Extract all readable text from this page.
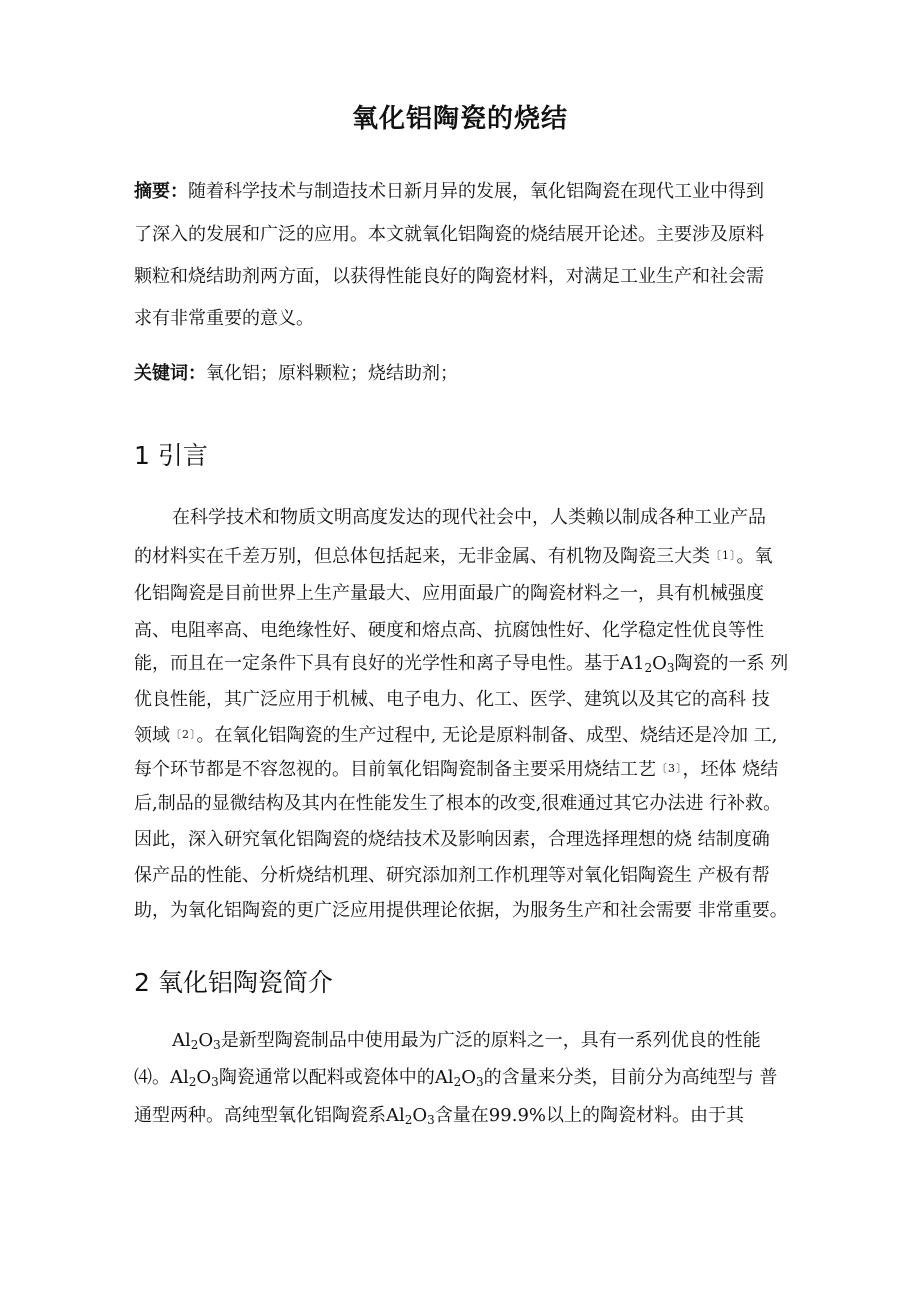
氧化铝陶瓷的烧结
摘要：随着科学技术与制造技术日新月异的发展，氧化铝陶瓷在现代工业中得到
了深入的发展和广泛的应用。本文就氧化铝陶瓷的烧结展开论述。主要涉及原料
颗粒和烧结助剂两方面，以获得性能良好的陶瓷材料，对满足工业生产和社会需
求有非常重要的意义。
关键词：氧化铝；原料颗粒；烧结助剂；
1 引言
在科学技术和物质文明高度发达的现代社会中，人类赖以制成各种工业产品
的材料实在千差万别，但总体包括起来，无非金属、有机物及陶瓷三大类〔1〕。氧
化铝陶瓷是目前世界上生产量最大、应用面最广的陶瓷材料之一，具有机械强度
高、电阻率高、电绝缘性好、硬度和熔点高、抗腐蚀性好、化学稳定性优良等性
能，而且在一定条件下具有良好的光学性和离子导电性。基于$A1_2O_3$陶瓷的一系 列
优良性能，其广泛应用于机械、电子电力、化工、医学、建筑以及其它的高科 技
领域〔2〕。在氧化铝陶瓷的生产过程中, 无论是原料制备、成型、烧结还是冷加 工,
每个环节都是不容忽视的。目前氧化铝陶瓷制备主要采用烧结工艺〔3〕，坯体 烧结
后,制品的显微结构及其内在性能发生了根本的改变,很难通过其它办法进 行补救。
因此，深入研究氧化铝陶瓷的烧结技术及影响因素，合理选择理想的烧 结制度确
保产品的性能、分析烧结机理、研究添加剂工作机理等对氧化铝陶瓷生 产极有帮
助，为氧化铝陶瓷的更广泛应用提供理论依据，为服务生产和社会需要 非常重要。
2 氧化铝陶瓷简介
$Al_2O_3$是新型陶瓷制品中使用最为广泛的原料之一，具有一系列优良的性能
⑷。$Al_2O_3$陶瓷通常以配料或瓷体中的$Al_2O_3$的含量来分类，目前分为高纯型与 普
通型两种。高纯型氧化铝陶瓷系$Al_2O_3$含量在99.9%以上的陶瓷材料。由于其
